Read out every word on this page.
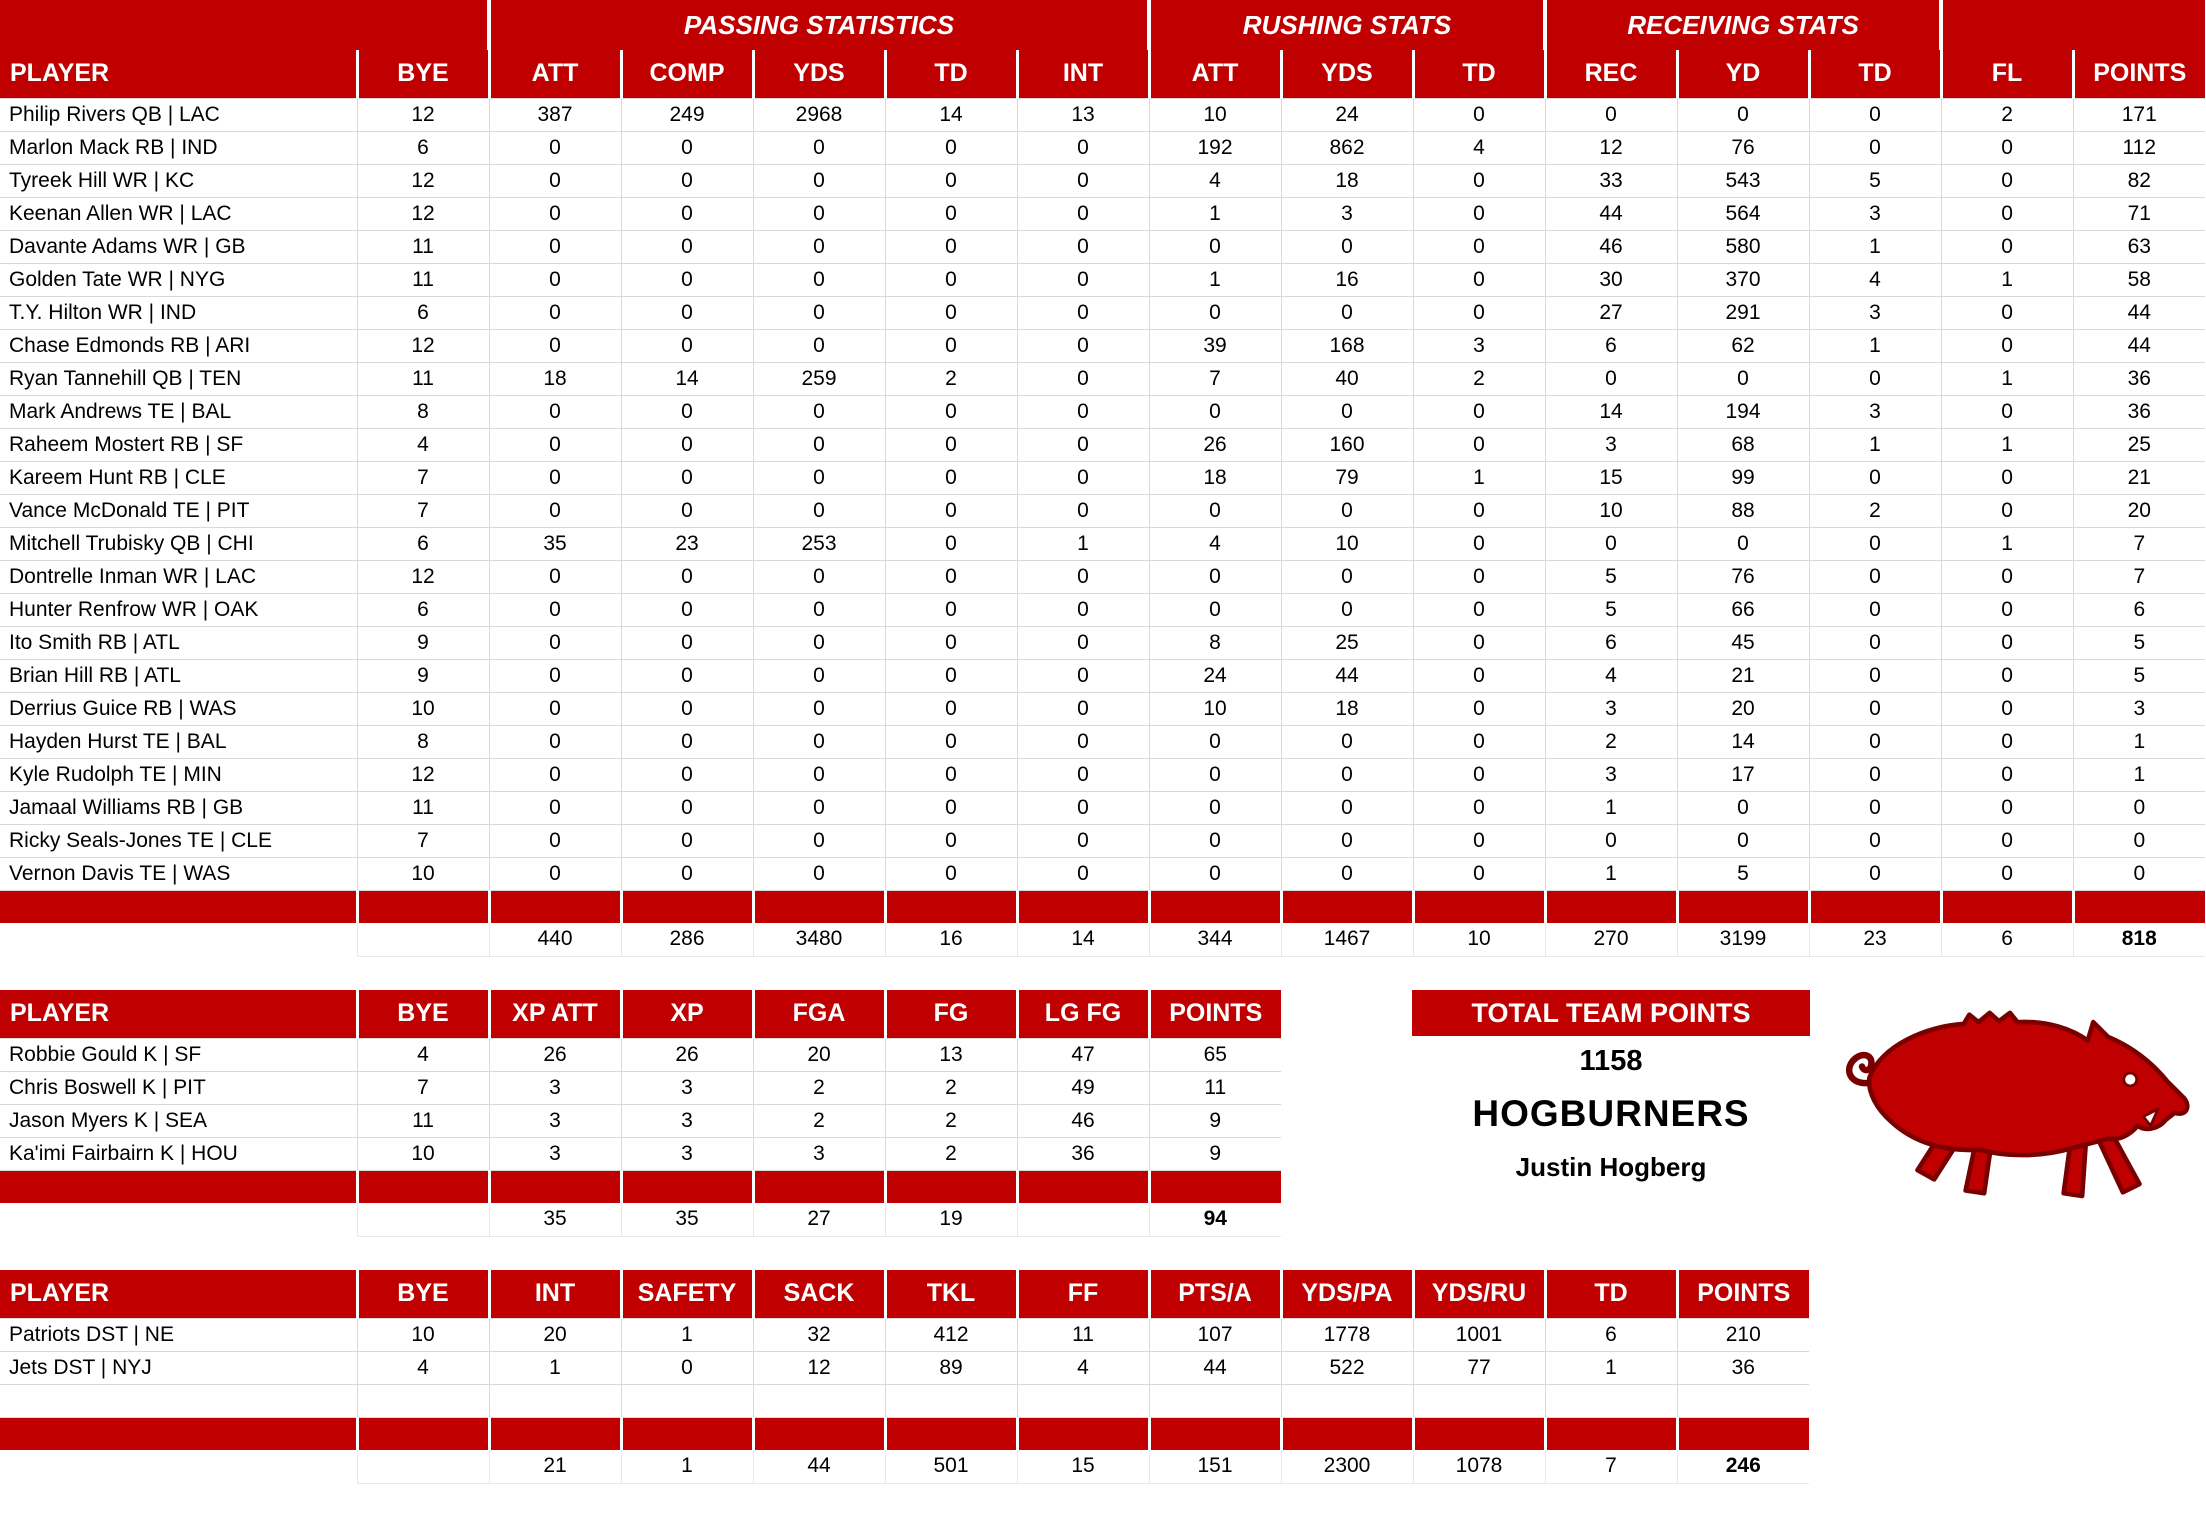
		PASSING STATISTICS					RUSHING STATS			RECEIVING STATS				
PLAYER	BYE	ATT	COMP	YDS	TD	INT	ATT	YDS	TD	REC	YD	TD	FL	POINTS
Philip Rivers QB | LAC	12	387	249	2968	14	13	10	24	0	0	0	0	2	171
Marlon Mack RB | IND	6	0	0	0	0	0	192	862	4	12	76	0	0	112
Tyreek Hill WR | KC	12	0	0	0	0	0	4	18	0	33	543	5	0	82
Keenan Allen WR | LAC	12	0	0	0	0	0	1	3	0	44	564	3	0	71
Davante Adams WR | GB	11	0	0	0	0	0	0	0	0	46	580	1	0	63
Golden Tate WR | NYG	11	0	0	0	0	0	1	16	0	30	370	4	1	58
T.Y. Hilton WR | IND	6	0	0	0	0	0	0	0	0	27	291	3	0	44
Chase Edmonds RB | ARI	12	0	0	0	0	0	39	168	3	6	62	1	0	44
Ryan Tannehill QB | TEN	11	18	14	259	2	0	7	40	2	0	0	0	1	36
Mark Andrews TE | BAL	8	0	0	0	0	0	0	0	0	14	194	3	0	36
Raheem Mostert RB | SF	4	0	0	0	0	0	26	160	0	3	68	1	1	25
Kareem Hunt RB | CLE	7	0	0	0	0	0	18	79	1	15	99	0	0	21
Vance McDonald TE | PIT	7	0	0	0	0	0	0	0	0	10	88	2	0	20
Mitchell Trubisky QB | CHI	6	35	23	253	0	1	4	10	0	0	0	0	1	7
Dontrelle Inman WR | LAC	12	0	0	0	0	0	0	0	0	5	76	0	0	7
Hunter Renfrow WR | OAK	6	0	0	0	0	0	0	0	0	5	66	0	0	6
Ito Smith RB | ATL	9	0	0	0	0	0	8	25	0	6	45	0	0	5
Brian Hill RB | ATL	9	0	0	0	0	0	24	44	0	4	21	0	0	5
Derrius Guice RB | WAS	10	0	0	0	0	0	10	18	0	3	20	0	0	3
Hayden Hurst TE | BAL	8	0	0	0	0	0	0	0	0	2	14	0	0	1
Kyle Rudolph TE | MIN	12	0	0	0	0	0	0	0	0	3	17	0	0	1
Jamaal Williams RB | GB	11	0	0	0	0	0	0	0	0	1	0	0	0	0
Ricky Seals-Jones TE | CLE	7	0	0	0	0	0	0	0	0	0	0	0	0	0
Vernon Davis TE | WAS	10	0	0	0	0	0	0	0	0	1	5	0	0	0

		440	286	3480	16	14	344	1467	10	270	3199	23	6	818
PLAYER	BYE	XP ATT	XP	FGA	FG	LG FG	POINTS
Robbie Gould K | SF	4	26	26	20	13	47	65
Chris Boswell K | PIT	7	3	3	2	2	49	11
Jason Myers K | SEA	11	3	3	2	2	46	9
Ka'imi Fairbairn K | HOU	10	3	3	3	2	36	9

		35	35	27	19		94
TOTAL TEAM POINTS
1158
HOGBURNERS
Justin Hogberg
PLAYER	BYE	INT	SAFETY	SACK	TKL	FF	PTS/A	YDS/PA	YDS/RU	TD	POINTS
Patriots DST | NE	10	20	1	32	412	11	107	1778	1001	6	210
Jets DST | NYJ	4	1	0	12	89	4	44	522	77	1	36

		21	1	44	501	15	151	2300	1078	7	246
